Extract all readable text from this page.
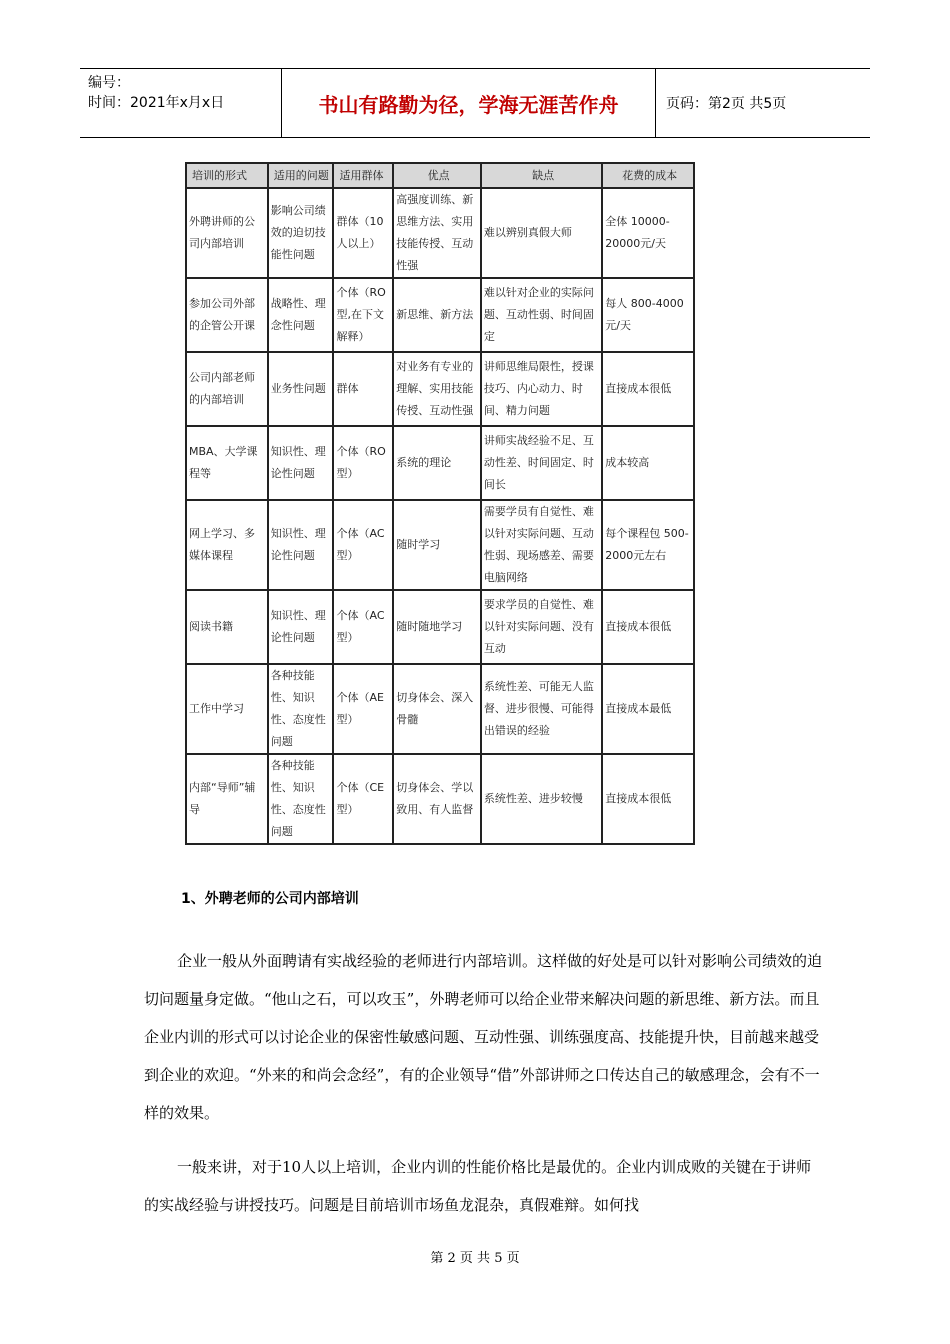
编号：
时间：2021年x月x日	书山有路勤为径，学海无涯苦作舟	页码：第2页 共5页
培训的形式	适用的问题	适用群体	优点	缺点	花费的成本
外聘讲师的公司内部培训	影响公司绩效的迫切技能性问题	群体（10人以上）	高强度训练、新思维方法、实用技能传授、互动性强	难以辨别真假大师	全体 10000-20000元/天
参加公司外部的企管公开课	战略性、理念性问题	个体（RO型,在下文解释）	新思维、新方法	难以针对企业的实际问题、互动性弱、时间固定	每人 800-4000元/天
公司内部老师的内部培训	业务性问题	群体	对业务有专业的理解、实用技能传授、互动性强	讲师思维局限性，授课技巧、内心动力、时间、精力问题	直接成本很低
MBA、大学课程等	知识性、理论性问题	个体（RO型）	系统的理论	讲师实战经验不足、互动性差、时间固定、时间长	成本较高
网上学习、多媒体课程	知识性、理论性问题	个体（AC型）	随时学习	需要学员有自觉性、难以针对实际问题、互动性弱、现场感差、需要电脑网络	每个课程包 500-2000元左右
阅读书籍	知识性、理论性问题	个体（AC型）	随时随地学习	要求学员的自觉性、难以针对实际问题、没有互动	直接成本很低
工作中学习	各种技能性、知识性、态度性问题	个体（AE型）	切身体会、深入骨髓	系统性差、可能无人监督、进步很慢、可能得出错误的经验	直接成本最低
内部“导师”辅导	各种技能性、知识性、态度性问题	个体（CE型）	切身体会、学以致用、有人监督	系统性差、进步较慢	直接成本很低
1、外聘老师的公司内部培训
企业一般从外面聘请有实战经验的老师进行内部培训。这样做的好处是可以针对影响公司绩效的迫切问题量身定做。“他山之石，可以攻玉”，外聘老师可以给企业带来解决问题的新思维、新方法。而且企业内训的形式可以讨论企业的保密性敏感问题、互动性强、训练强度高、技能提升快，目前越来越受到企业的欢迎。“外来的和尚会念经”，有的企业领导“借”外部讲师之口传达自己的敏感理念，会有不一样的效果。
一般来讲，对于10人以上培训，企业内训的性能价格比是最优的。企业内训成败的关键在于讲师的实战经验与讲授技巧。问题是目前培训市场鱼龙混杂，真假难辩。如何找
第 2 页 共 5 页
